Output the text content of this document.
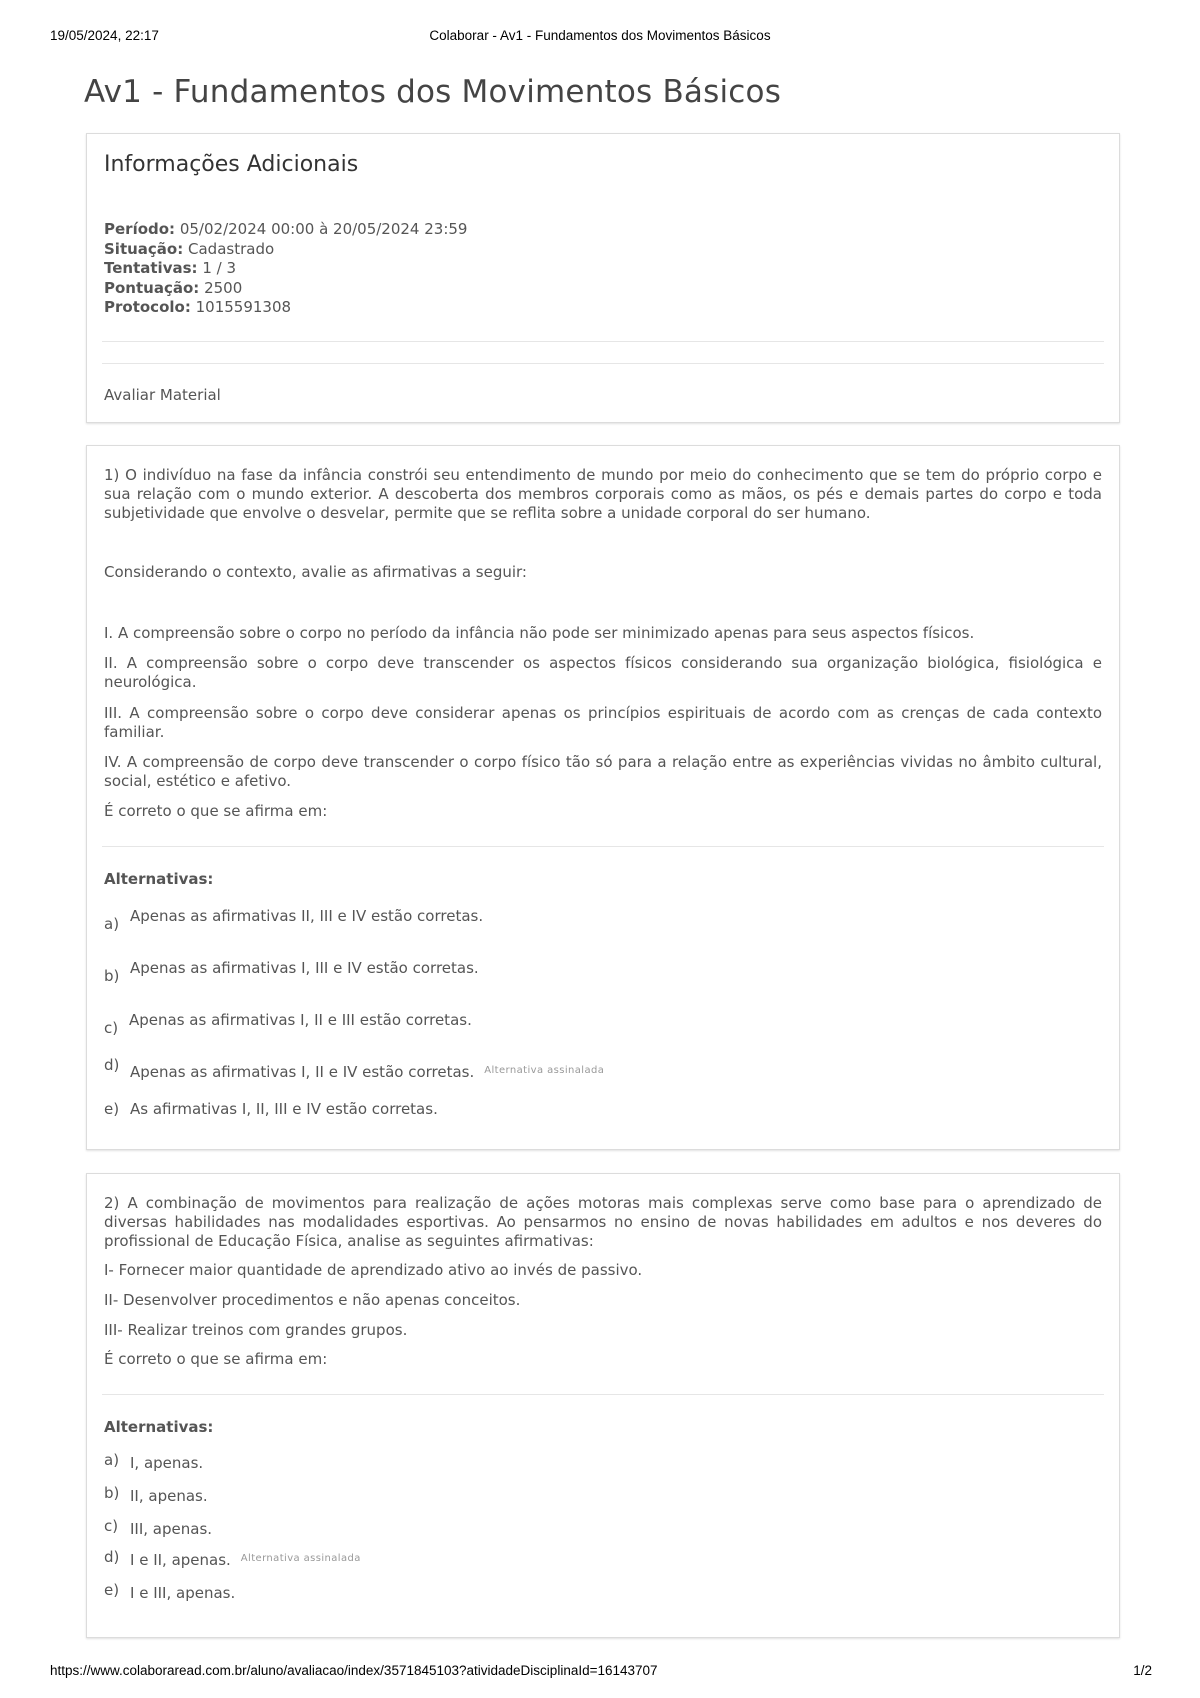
19/05/2024, 22:17	Colaborar - Av1 - Fundamentos dos Movimentos Básicos
Av1 - Fundamentos dos Movimentos Básicos
Informações Adicionais
Período: 05/02/2024 00:00 à 20/05/2024 23:59
Situação: Cadastrado
Tentativas: 1 / 3
Pontuação: 2500
Protocolo: 1015591308
Avaliar Material

1) O indivíduo na fase da infância constrói seu entendimento de mundo por meio do conhecimento que se tem do próprio corpo e sua relação com o mundo exterior. A descoberta dos membros corporais como as mãos, os pés e demais partes do corpo e toda subjetividade que envolve o desvelar, permite que se reflita sobre a unidade corporal do ser humano.

Considerando o contexto, avalie as afirmativas a seguir:

I. A compreensão sobre o corpo no período da infância não pode ser minimizado apenas para seus aspectos físicos.

II. A compreensão sobre o corpo deve transcender os aspectos físicos considerando sua organização biológica, fisiológica e neurológica.

III. A compreensão sobre o corpo deve considerar apenas os princípios espirituais de acordo com as crenças de cada contexto familiar.

IV. A compreensão de corpo deve transcender o corpo físico tão só para a relação entre as experiências vividas no âmbito cultural, social, estético e afetivo.

É correto o que se afirma em:

Alternativas:
a) Apenas as afirmativas II, III e IV estão corretas.
b) Apenas as afirmativas I, III e IV estão corretas.
c) Apenas as afirmativas I, II e III estão corretas.
d) Apenas as afirmativas I, II e IV estão corretas. $^{Alternativa assinalada}$
e) As afirmativas I, II, III e IV estão corretas.

2) A combinação de movimentos para realização de ações motoras mais complexas serve como base para o aprendizado de diversas habilidades nas modalidades esportivas. Ao pensarmos no ensino de novas habilidades em adultos e nos deveres do profissional de Educação Física, analise as seguintes afirmativas:

I- Fornecer maior quantidade de aprendizado ativo ao invés de passivo.

II- Desenvolver procedimentos e não apenas conceitos.

III- Realizar treinos com grandes grupos.

É correto o que se afirma em:

Alternativas:
a) I, apenas.
b) II, apenas.
c) III, apenas.
d) I e II, apenas. $^{Alternativa assinalada}$
e) I e III, apenas.
https://www.colaboraread.com.br/aluno/avaliacao/index/3571845103?atividadeDisciplinaId=16143707	1/2
